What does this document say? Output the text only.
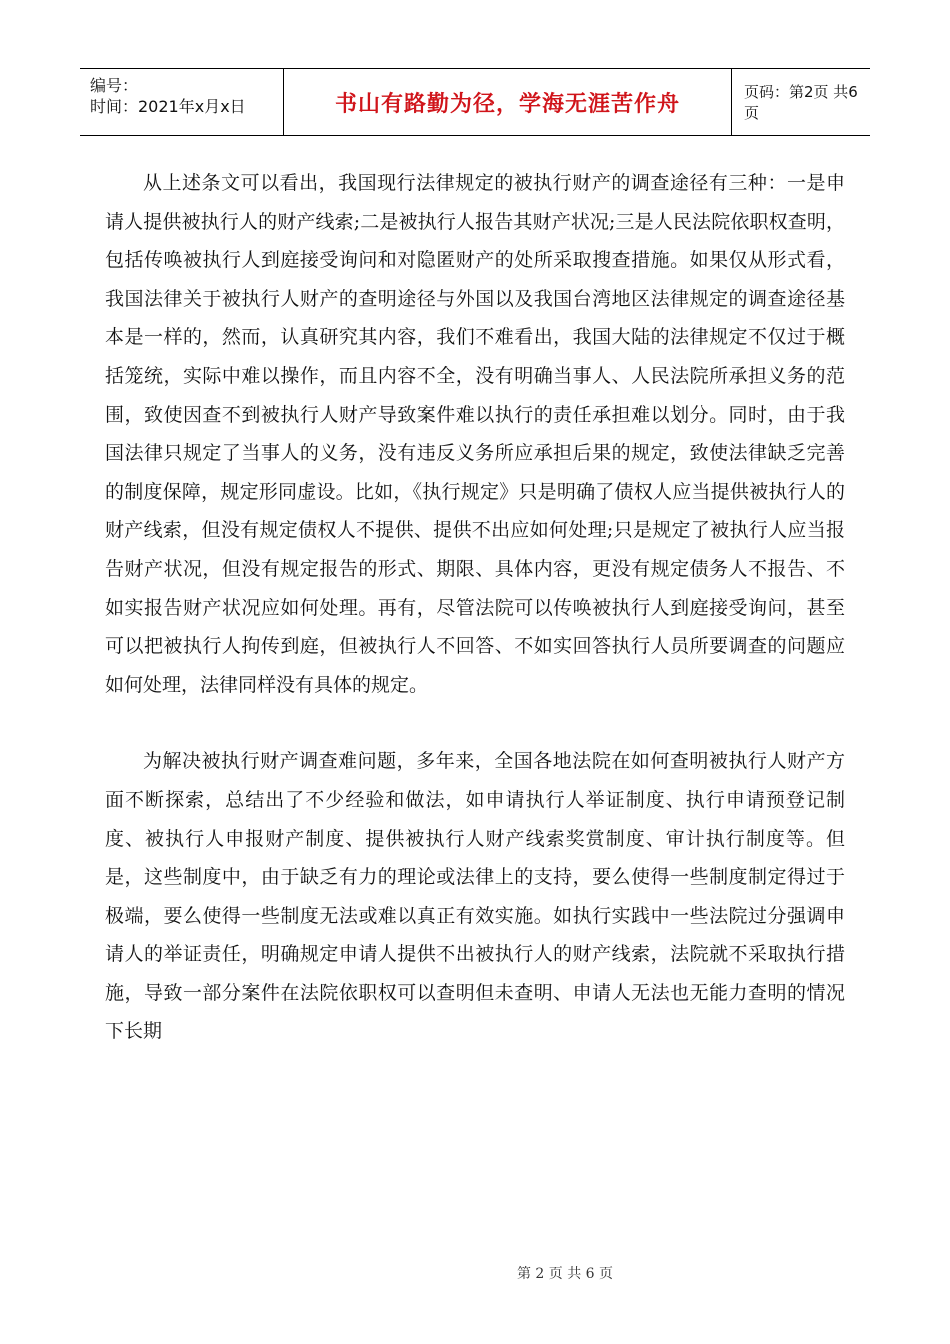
编号：
时间：2021年x月x日	书山有路勤为径，学海无涯苦作舟	页码：第2页 共6页

从上述条文可以看出，我国现行法律规定的被执行财产的调查途径有三种：一是申请人提供被执行人的财产线索;二是被执行人报告其财产状况;三是人民法院依职权查明，包括传唤被执行人到庭接受询问和对隐匿财产的处所采取搜查措施。如果仅从形式看，我国法律关于被执行人财产的查明途径与外国以及我国台湾地区法律规定的调查途径基本是一样的，然而，认真研究其内容，我们不难看出，我国大陆的法律规定不仅过于概括笼统，实际中难以操作，而且内容不全，没有明确当事人、人民法院所承担义务的范围，致使因查不到被执行人财产导致案件难以执行的责任承担难以划分。同时，由于我国法律只规定了当事人的义务，没有违反义务所应承担后果的规定，致使法律缺乏完善的制度保障，规定形同虚设。比如，《执行规定》只是明确了债权人应当提供被执行人的财产线索，但没有规定债权人不提供、提供不出应如何处理;只是规定了被执行人应当报告财产状况，但没有规定报告的形式、期限、具体内容，更没有规定债务人不报告、不如实报告财产状况应如何处理。再有，尽管法院可以传唤被执行人到庭接受询问，甚至可以把被执行人拘传到庭，但被执行人不回答、不如实回答执行人员所要调查的问题应如何处理，法律同样没有具体的规定。

为解决被执行财产调查难问题，多年来，全国各地法院在如何查明被执行人财产方面不断探索，总结出了不少经验和做法，如申请执行人举证制度、执行申请预登记制度、被执行人申报财产制度、提供被执行人财产线索奖赏制度、审计执行制度等。但是，这些制度中，由于缺乏有力的理论或法律上的支持，要么使得一些制度制定得过于极端，要么使得一些制度无法或难以真正有效实施。如执行实践中一些法院过分强调申请人的举证责任，明确规定申请人提供不出被执行人的财产线索，法院就不采取执行措施，导致一部分案件在法院依职权可以查明但未查明、申请人无法也无能力查明的情况下长期

第 2 页 共 6 页
